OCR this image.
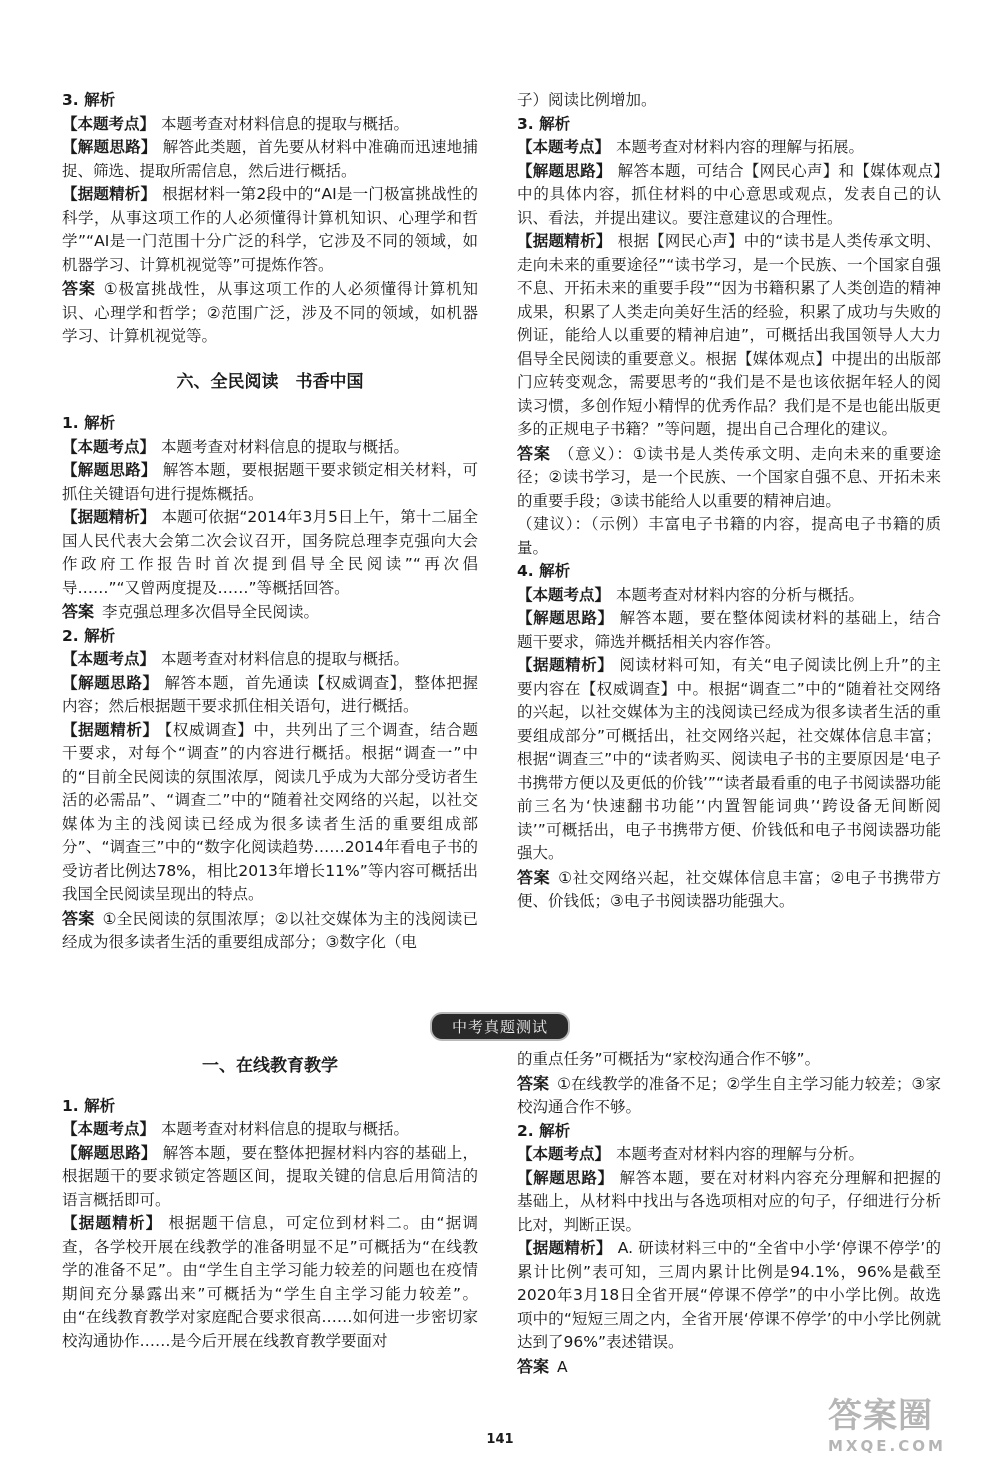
3. 解析

【本题考点】 本题考查对材料信息的提取与概括。

【解题思路】 解答此类题，首先要从材料中准确而迅速地捕捉、筛选、提取所需信息，然后进行概括。

【据题精析】 根据材料一第2段中的“AI是一门极富挑战性的科学，从事这项工作的人必须懂得计算机知识、心理学和哲学”“AI是一门范围十分广泛的科学，它涉及不同的领域，如机器学习、计算机视觉等”可提炼作答。

答案 ①极富挑战性，从事这项工作的人必须懂得计算机知识、心理学和哲学；②范围广泛，涉及不同的领域，如机器学习、计算机视觉等。

六、全民阅读　书香中国

1. 解析

【本题考点】 本题考查对材料信息的提取与概括。

【解题思路】 解答本题，要根据题干要求锁定相关材料，可抓住关键语句进行提炼概括。

【据题精析】 本题可依据“2014年3月5日上午，第十二届全国人民代表大会第二次会议召开，国务院总理李克强向大会作政府工作报告时首次提到倡导全民阅读”“再次倡导……”“又曾两度提及……”等概括回答。

答案 李克强总理多次倡导全民阅读。

2. 解析

【本题考点】 本题考查对材料信息的提取与概括。

【解题思路】 解答本题，首先通读【权威调查】，整体把握内容；然后根据题干要求抓住相关语句，进行概括。

【据题精析】 【权威调查】中，共列出了三个调查，结合题干要求，对每个“调查”的内容进行概括。根据“调查一”中的“目前全民阅读的氛围浓厚，阅读几乎成为大部分受访者生活的必需品”、“调查二”中的“随着社交网络的兴起，以社交媒体为主的浅阅读已经成为很多读者生活的重要组成部分”、“调查三”中的“数字化阅读趋势……2014年看电子书的受访者比例达78%，相比2013年增长11%”等内容可概括出我国全民阅读呈现出的特点。

答案 ①全民阅读的氛围浓厚；②以社交媒体为主的浅阅读已经成为很多读者生活的重要组成部分；③数字化（电

子）阅读比例增加。

3. 解析

【本题考点】 本题考查对材料内容的理解与拓展。

【解题思路】 解答本题，可结合【网民心声】和【媒体观点】中的具体内容，抓住材料的中心意思或观点，发表自己的认识、看法，并提出建议。要注意建议的合理性。

【据题精析】 根据【网民心声】中的“读书是人类传承文明、走向未来的重要途径”“读书学习，是一个民族、一个国家自强不息、开拓未来的重要手段”“因为书籍积累了人类创造的精神成果，积累了人类走向美好生活的经验，积累了成功与失败的例证，能给人以重要的精神启迪”，可概括出我国领导人大力倡导全民阅读的重要意义。根据【媒体观点】中提出的出版部门应转变观念，需要思考的“我们是不是也该依据年轻人的阅读习惯，多创作短小精悍的优秀作品？我们是不是也能出版更多的正规电子书籍？”等问题，提出自己合理化的建议。

答案 （意义）：①读书是人类传承文明、走向未来的重要途径；②读书学习，是一个民族、一个国家自强不息、开拓未来的重要手段；③读书能给人以重要的精神启迪。

（建议）：（示例）丰富电子书籍的内容，提高电子书籍的质量。

4. 解析

【本题考点】 本题考查对材料内容的分析与概括。

【解题思路】 解答本题，要在整体阅读材料的基础上，结合题干要求，筛选并概括相关内容作答。

【据题精析】 阅读材料可知，有关“电子阅读比例上升”的主要内容在【权威调查】中。根据“调查二”中的“随着社交网络的兴起，以社交媒体为主的浅阅读已经成为很多读者生活的重要组成部分”可概括出，社交网络兴起，社交媒体信息丰富；根据“调查三”中的“读者购买、阅读电子书的主要原因是‘电子书携带方便以及更低的价钱’”“读者最看重的电子书阅读器功能前三名为‘快速翻书功能’‘内置智能词典’‘跨设备无间断阅读’”可概括出，电子书携带方便、价钱低和电子书阅读器功能强大。

答案 ①社交网络兴起，社交媒体信息丰富；②电子书携带方便、价钱低；③电子书阅读器功能强大。

中考真题测试

一、在线教育教学

1. 解析

【本题考点】 本题考查对材料信息的提取与概括。

【解题思路】 解答本题，要在整体把握材料内容的基础上，根据题干的要求锁定答题区间，提取关键的信息后用简洁的语言概括即可。

【据题精析】 根据题干信息，可定位到材料二。由“据调查，各学校开展在线教学的准备明显不足”可概括为“在线教学的准备不足”。由“学生自主学习能力较差的问题也在疫情期间充分暴露出来”可概括为“学生自主学习能力较差”。由“在线教育教学对家庭配合要求很高……如何进一步密切家校沟通协作……是今后开展在线教育教学要面对

的重点任务”可概括为“家校沟通合作不够”。

答案 ①在线教学的准备不足；②学生自主学习能力较差；③家校沟通合作不够。

2. 解析

【本题考点】 本题考查对材料内容的理解与分析。

【解题思路】 解答本题，要在对材料内容充分理解和把握的基础上，从材料中找出与各选项相对应的句子，仔细进行分析比对，判断正误。

【据题精析】 A. 研读材料三中的“全省中小学‘停课不停学’的累计比例”表可知，三周内累计比例是94.1%，96%是截至2020年3月18日全省开展“停课不停学”的中小学比例。故选项中的“短短三周之内，全省开展‘停课不停学’的中小学比例就达到了96%”表述错误。

答案 A

141
答案圈
MXQE.COM
